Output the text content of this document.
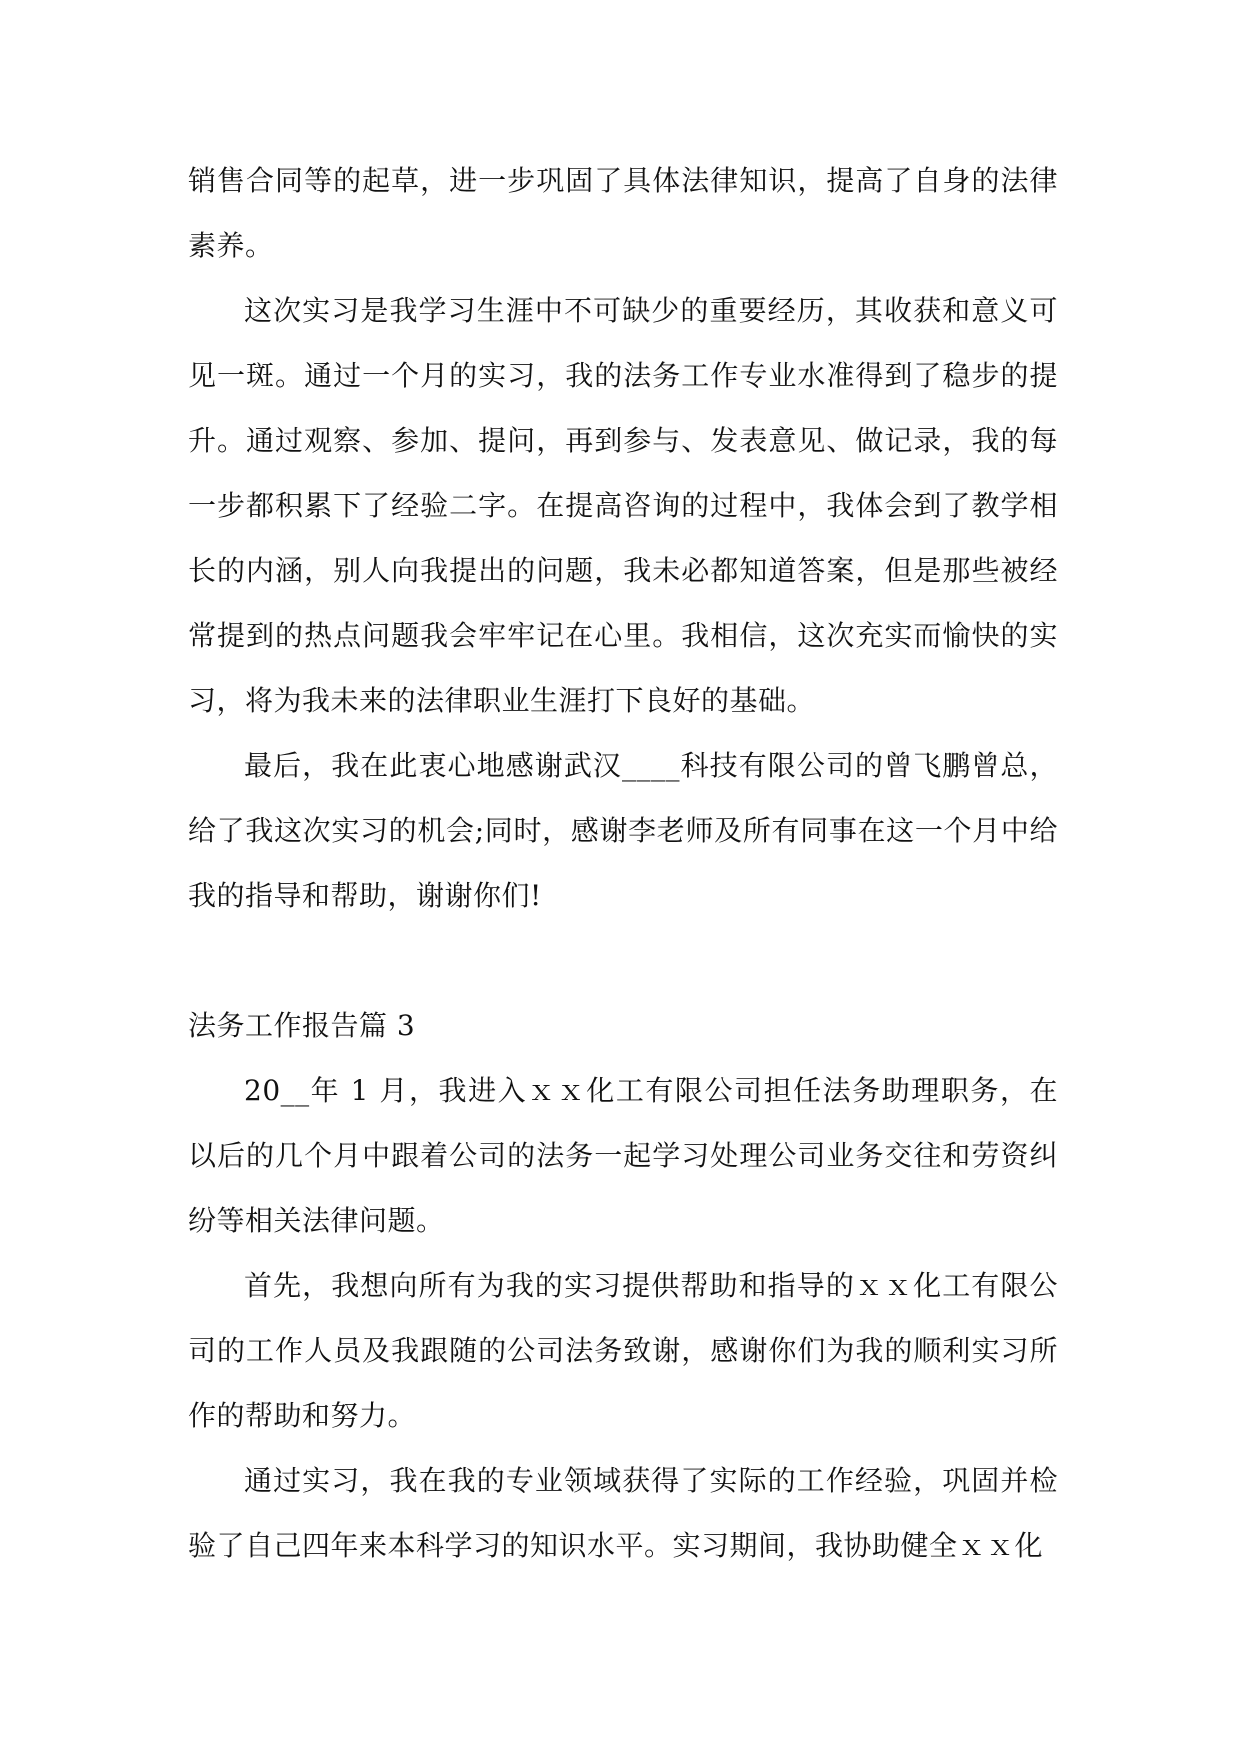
销售合同等的起草，进一步巩固了具体法律知识，提高了自身的法律素养。

这次实习是我学习生涯中不可缺少的重要经历，其收获和意义可见一斑。通过一个月的实习，我的法务工作专业水准得到了稳步的提升。通过观察、参加、提问，再到参与、发表意见、做记录，我的每一步都积累下了经验二字。在提高咨询的过程中，我体会到了教学相长的内涵，别人向我提出的问题，我未必都知道答案，但是那些被经常提到的热点问题我会牢牢记在心里。我相信，这次充实而愉快的实习，将为我未来的法律职业生涯打下良好的基础。

最后，我在此衷心地感谢武汉____科技有限公司的曾飞鹏曾总，给了我这次实习的机会;同时，感谢李老师及所有同事在这一个月中给我的指导和帮助，谢谢你们!

法务工作报告篇 3

20__年 1 月，我进入ｘｘ化工有限公司担任法务助理职务，在以后的几个月中跟着公司的法务一起学习处理公司业务交往和劳资纠纷等相关法律问题。

首先，我想向所有为我的实习提供帮助和指导的ｘｘ化工有限公司的工作人员及我跟随的公司法务致谢，感谢你们为我的顺利实习所作的帮助和努力。

通过实习，我在我的专业领域获得了实际的工作经验，巩固并检验了自己四年来本科学习的知识水平。实习期间，我协助健全ｘｘ化
